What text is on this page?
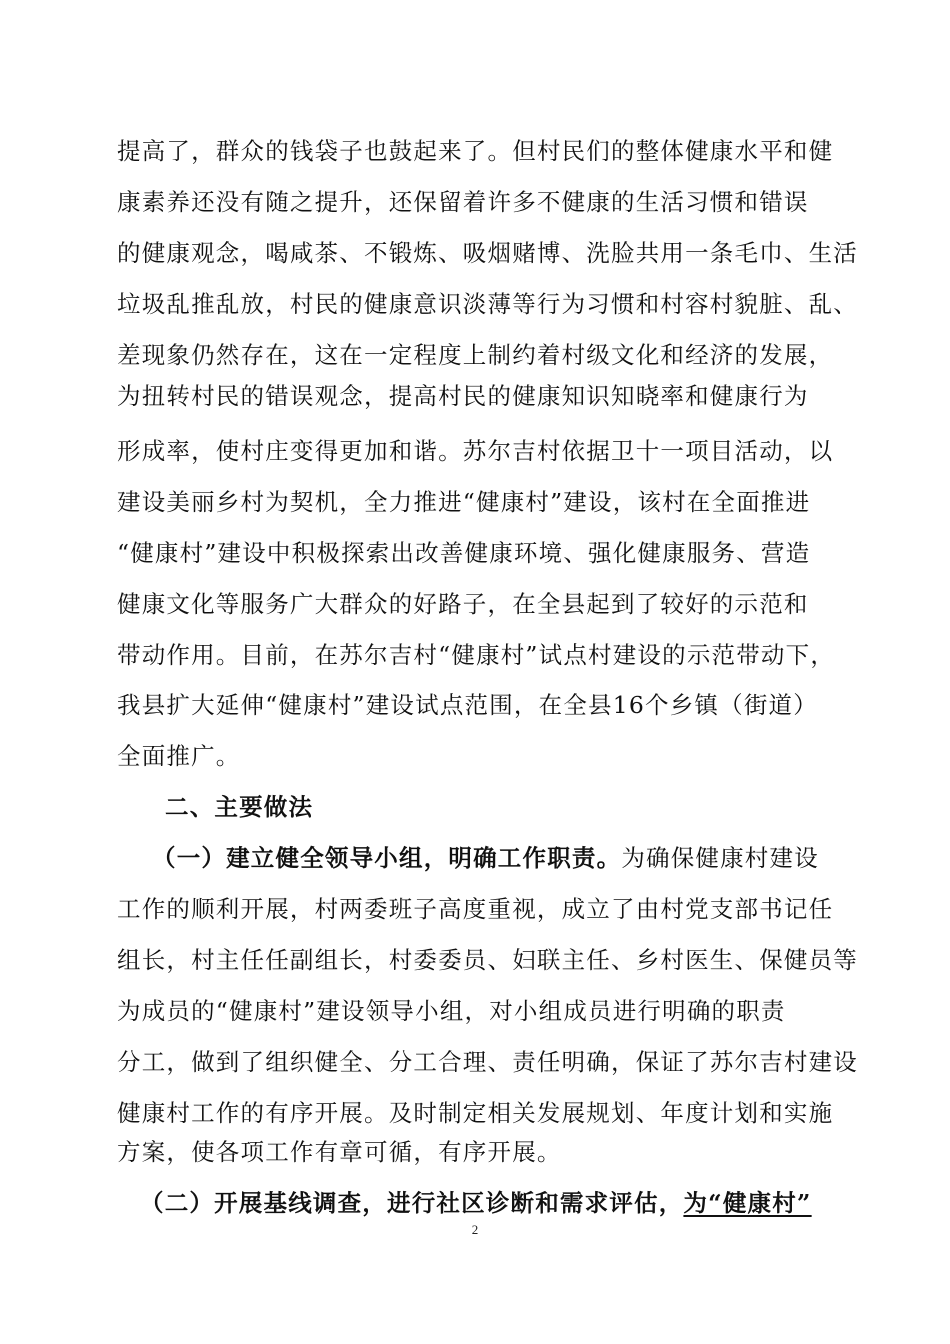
提高了，群众的钱袋子也鼓起来了。但村民们的整体健康水平和健
康素养还没有随之提升，还保留着许多不健康的生活习惯和错误
的健康观念，喝咸茶、不锻炼、吸烟赌博、洗脸共用一条毛巾、生活
垃圾乱推乱放，村民的健康意识淡薄等行为习惯和村容村貌脏、乱、
差现象仍然存在，这在一定程度上制约着村级文化和经济的发展，
为扭转村民的错误观念，提高村民的健康知识知晓率和健康行为
形成率，使村庄变得更加和谐。苏尔吉村依据卫十一项目活动，以
建设美丽乡村为契机，全力推进“健康村”建设，该村在全面推进
“健康村”建设中积极探索出改善健康环境、强化健康服务、营造
健康文化等服务广大群众的好路子，在全县起到了较好的示范和
带动作用。目前，在苏尔吉村“健康村”试点村建设的示范带动下，
我县扩大延伸“健康村”建设试点范围，在全县16个乡镇（街道）
全面推广。
二、主要做法
（一）建立健全领导小组，明确工作职责。为确保健康村建设
工作的顺利开展，村两委班子高度重视，成立了由村党支部书记任
组长，村主任任副组长，村委委员、妇联主任、乡村医生、保健员等
为成员的“健康村”建设领导小组，对小组成员进行明确的职责
分工，做到了组织健全、分工合理、责任明确，保证了苏尔吉村建设
健康村工作的有序开展。及时制定相关发展规划、年度计划和实施
方案，使各项工作有章可循，有序开展。
（二）开展基线调查，进行社区诊断和需求评估，为“健康村”
2
